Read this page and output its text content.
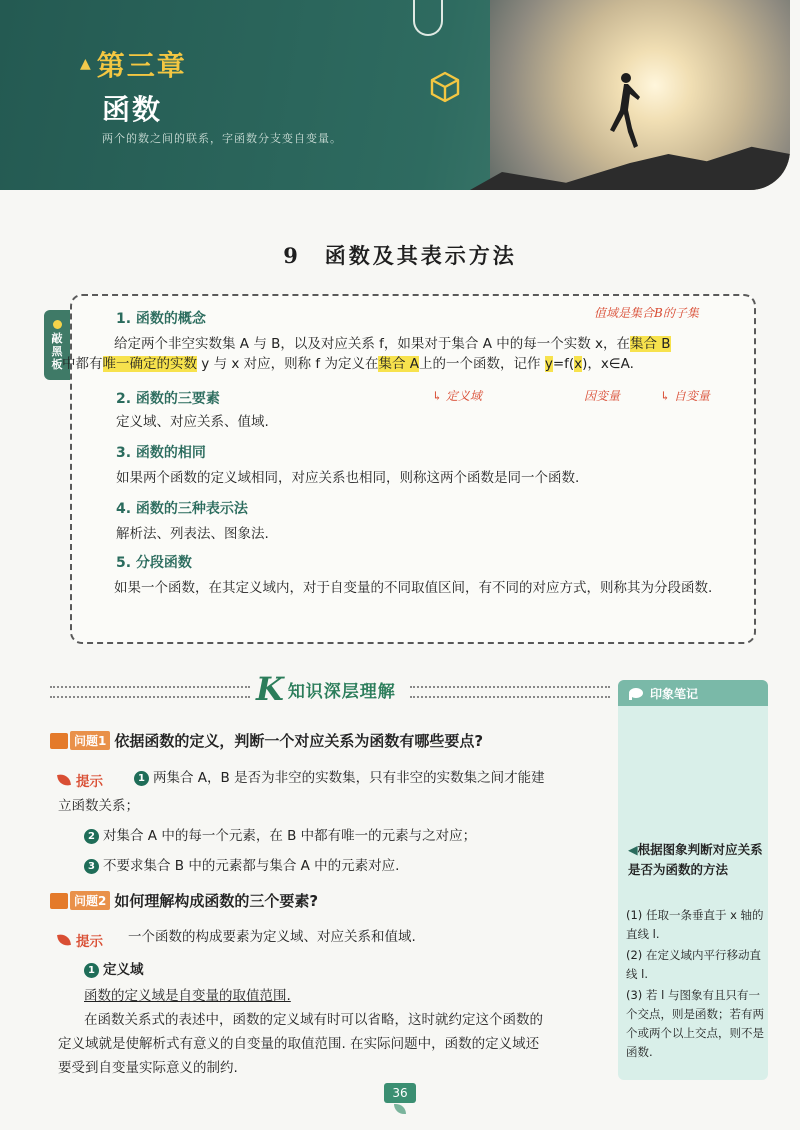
▲ 第三章
函数
两个的数之间的联系，字函数分支变自变量。
9　函数及其表示方法
敲
黑
板
1. 函数的概念	值域是集合B的子集
给定两个非空实数集 A 与 B，以及对应关系 f，如果对于集合 A 中的每一个实数 x，在集合 B
中都有唯一确定的实数 y 与 x 对应，则称 f 为定义在集合 A上的一个函数，记作 y=f(x)，x∈A.
↳ 定义域	因变量	↳ 自变量
2. 函数的三要素
定义域、对应关系、值域.
3. 函数的相同
如果两个函数的定义域相同，对应关系也相同，则称这两个函数是同一个函数.
4. 函数的三种表示法
解析法、列表法、图象法.
5. 分段函数
如果一个函数，在其定义域内，对于自变量的不同取值区间，有不同的对应方式，则称其为分段函数.
K 知识深层理解	印象笔记
◀根据图象判断对应关系是否为函数的方法
(1) 任取一条垂直于 x 轴的直线 l.
(2) 在定义域内平行移动直线 l.
(3) 若 l 与图象有且只有一个交点，则是函数；若有两个或两个以上交点，则不是函数.
问题1 依据函数的定义，判断一个对应关系为函数有哪些要点?
提示	1 两集合 A，B 是否为非空的实数集，只有非空的实数集之间才能建
立函数关系；
2 对集合 A 中的每一个元素，在 B 中都有唯一的元素与之对应；
3 不要求集合 B 中的元素都与集合 A 中的元素对应.
问题2 如何理解构成函数的三个要素?
提示 一个函数的构成要素为定义域、对应关系和值域.
1 定义域
函数的定义域是自变量的取值范围.
在函数关系式的表述中，函数的定义域有时可以省略，这时就约定这个函数的
定义域就是使解析式有意义的自变量的取值范围. 在实际问题中，函数的定义域还
要受到自变量实际意义的制约.
36
